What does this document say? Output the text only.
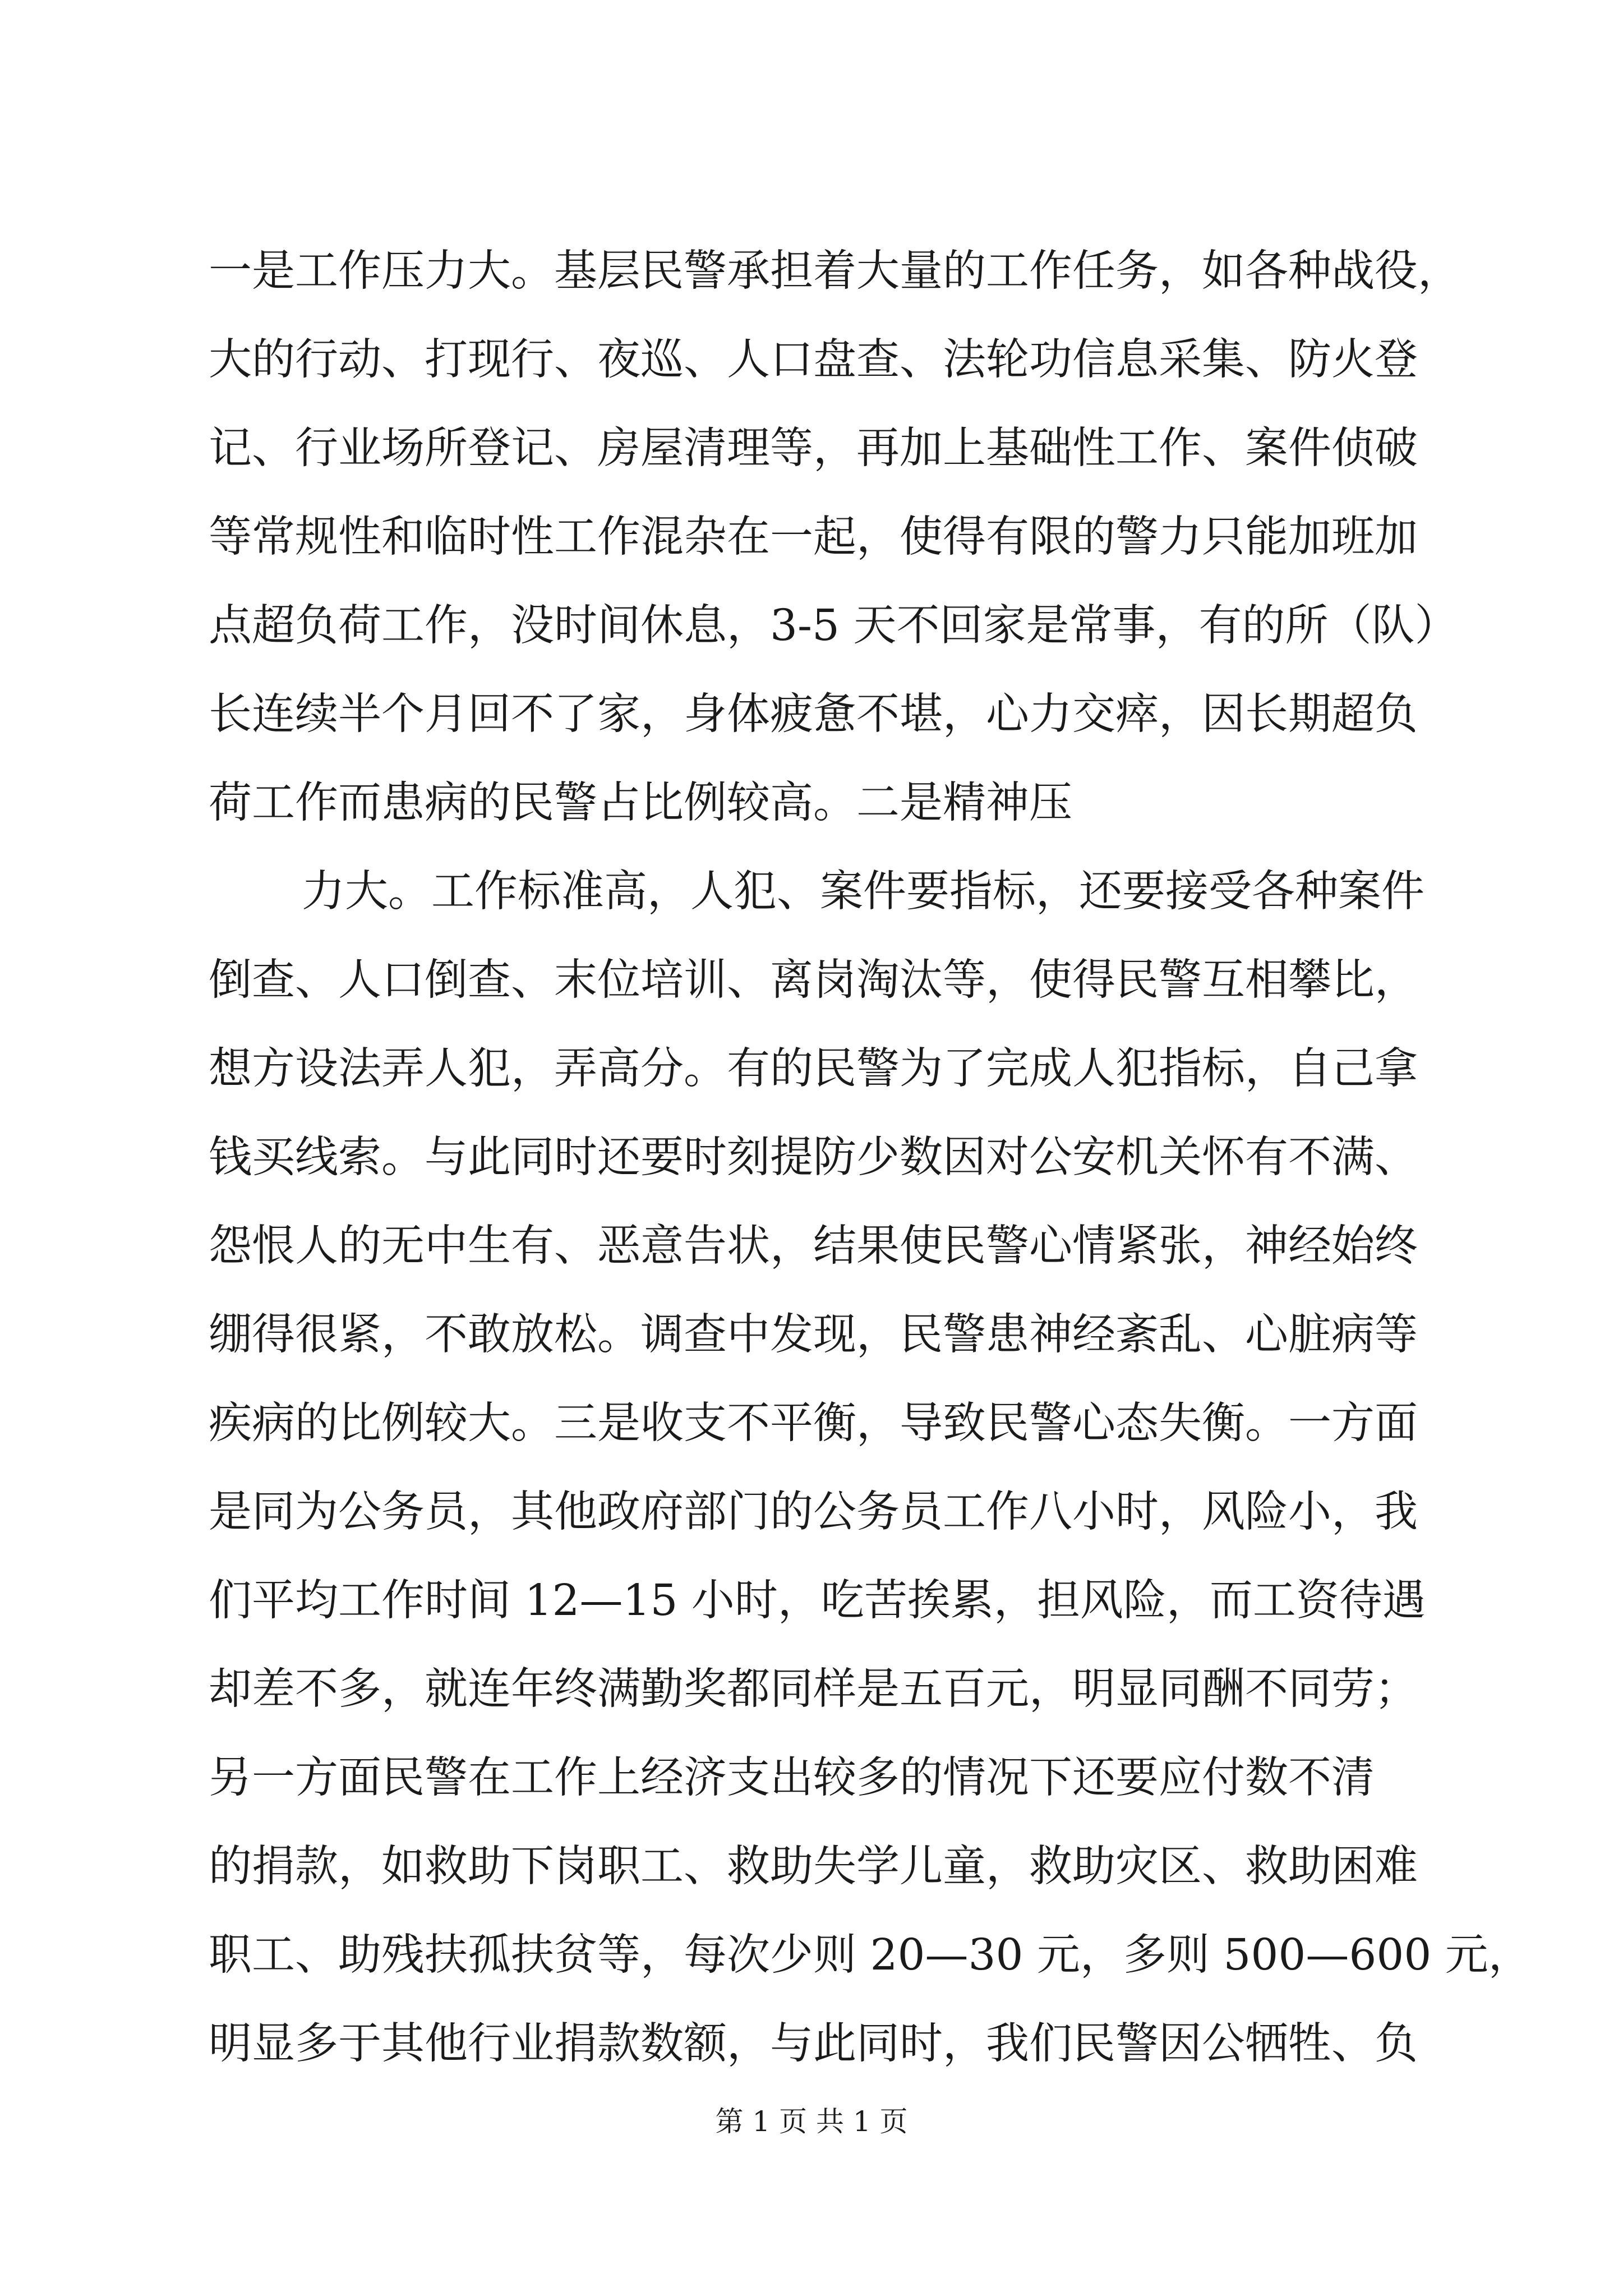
一是工作压力大。基层民警承担着大量的工作任务，如各种战役，
大的行动、打现行、夜巡、人口盘查、法轮功信息采集、防火登
记、行业场所登记、房屋清理等，再加上基础性工作、案件侦破
等常规性和临时性工作混杂在一起，使得有限的警力只能加班加
点超负荷工作，没时间休息，3-5 天不回家是常事，有的所（队）
长连续半个月回不了家，身体疲惫不堪，心力交瘁，因长期超负
荷工作而患病的民警占比例较高。二是精神压
力大。工作标准高，人犯、案件要指标，还要接受各种案件
倒查、人口倒查、末位培训、离岗淘汰等，使得民警互相攀比，
想方设法弄人犯，弄高分。有的民警为了完成人犯指标，自己拿
钱买线索。与此同时还要时刻提防少数因对公安机关怀有不满、
怨恨人的无中生有、恶意告状，结果使民警心情紧张，神经始终
绷得很紧，不敢放松。调查中发现，民警患神经紊乱、心脏病等
疾病的比例较大。三是收支不平衡，导致民警心态失衡。一方面
是同为公务员，其他政府部门的公务员工作八小时，风险小，我
们平均工作时间 12—15 小时，吃苦挨累，担风险，而工资待遇
却差不多，就连年终满勤奖都同样是五百元，明显同酬不同劳；
另一方面民警在工作上经济支出较多的情况下还要应付数不清
的捐款，如救助下岗职工、救助失学儿童，救助灾区、救助困难
职工、助残扶孤扶贫等，每次少则 20—30 元，多则 500—600 元，
明显多于其他行业捐款数额，与此同时，我们民警因公牺牲、负
第 1 页 共 1 页
